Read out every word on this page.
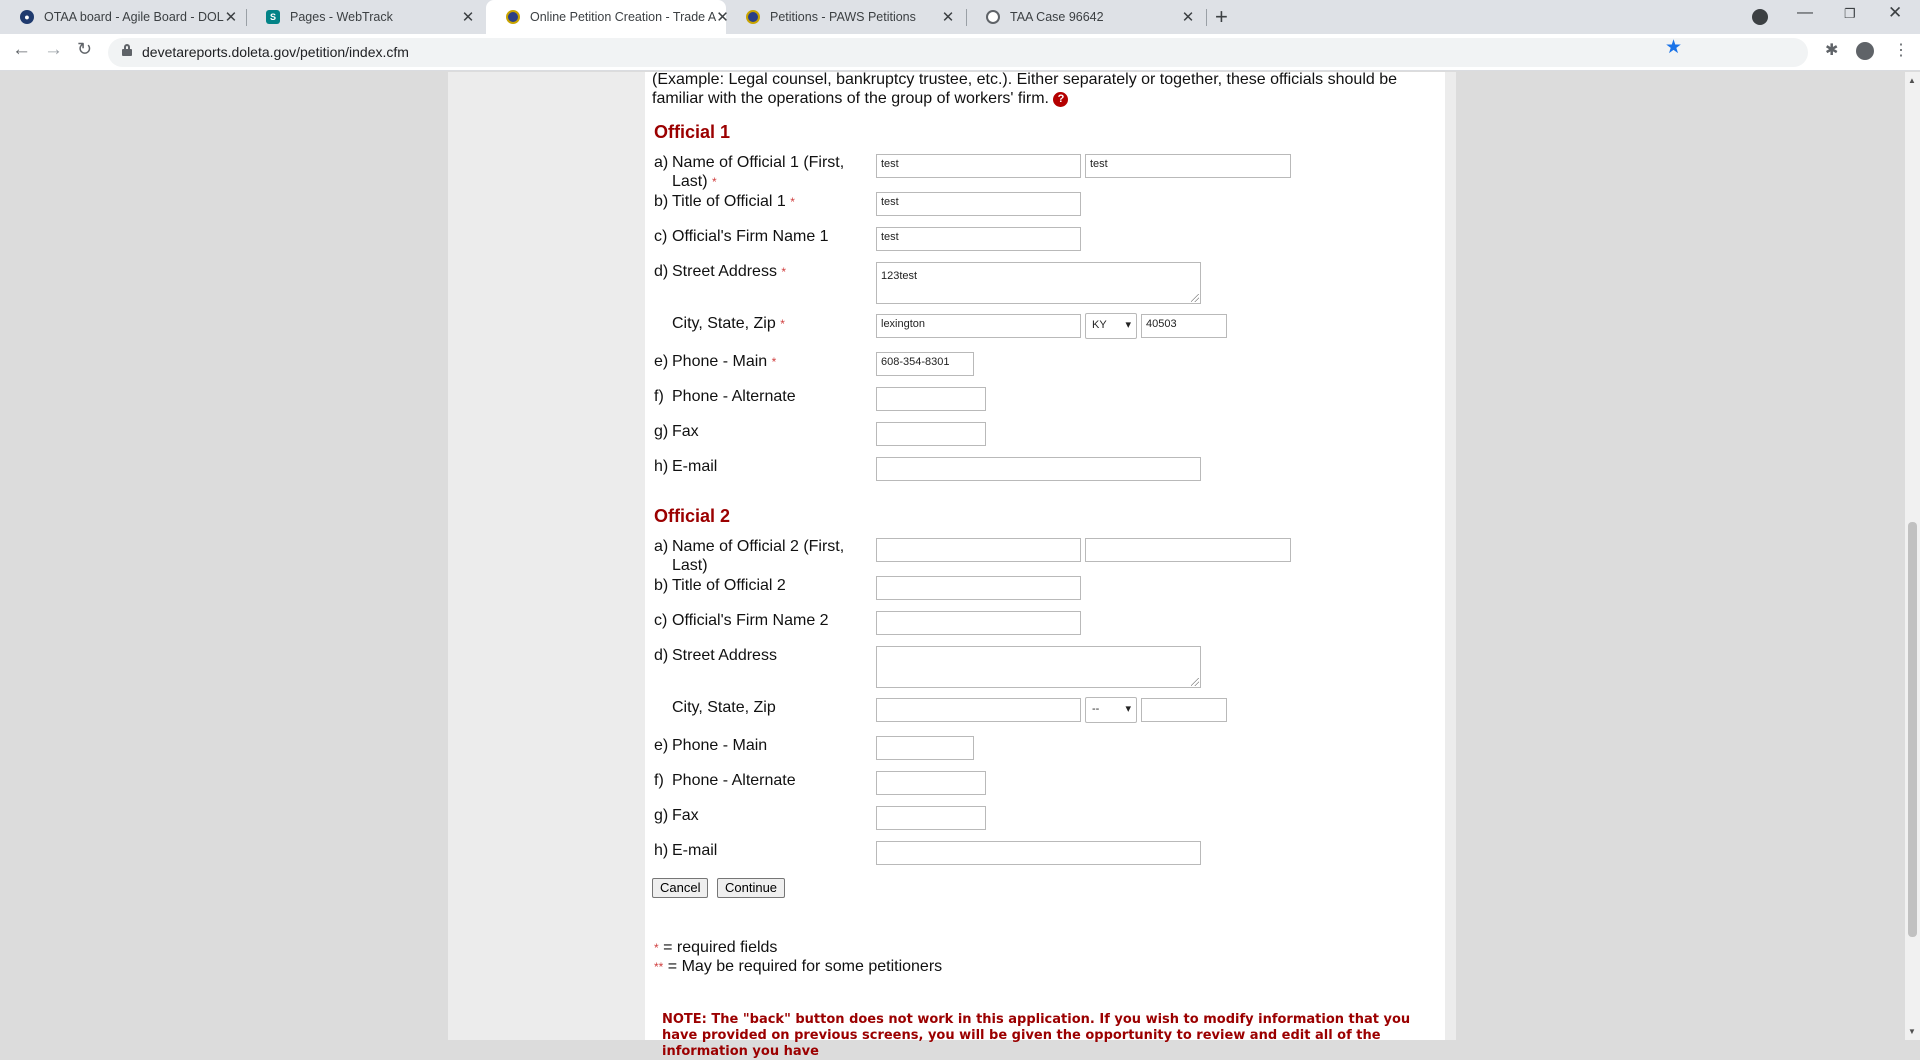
●	OTAA board - Agile Board - DOL ✕	S	Pages - WebTrack	✕	Online Petition Creation - Trade A ✕	Petitions - PAWS Petitions	✕	TAA Case 96642	✕ +	— ❐ ✕
← → ↻	devetareports.doleta.gov/petition/index.cfm	★	✱	⋮
(Example: Legal counsel, bankruptcy trustee, etc.). Either separately or together, these officials should be familiar with the operations of the group of workers' firm. ?
Official 1
a) Name of Official 1 (First, Last) *
test	test
b) Title of Official 1 *	test
c) Official's Firm Name 1	test
d) Street Address *	123test
City, State, Zip *	lexington	KY ▾	40503
e) Phone - Main *	608-354-8301
f) Phone - Alternate
g) Fax
h) E-mail
Official 2
a) Name of Official 2 (First, Last)
b) Title of Official 2
c) Official's Firm Name 2
d) Street Address
City, State, Zip	-- ▾
e) Phone - Main
f) Phone - Alternate
g) Fax
h) E-mail
Cancel	Continue
* = required fields
** = May be required for some petitioners
NOTE: The "back" button does not work in this application. If you wish to modify information that you have provided on previous screens, you will be given the opportunity to review and edit all of the information you have
▲
▼
